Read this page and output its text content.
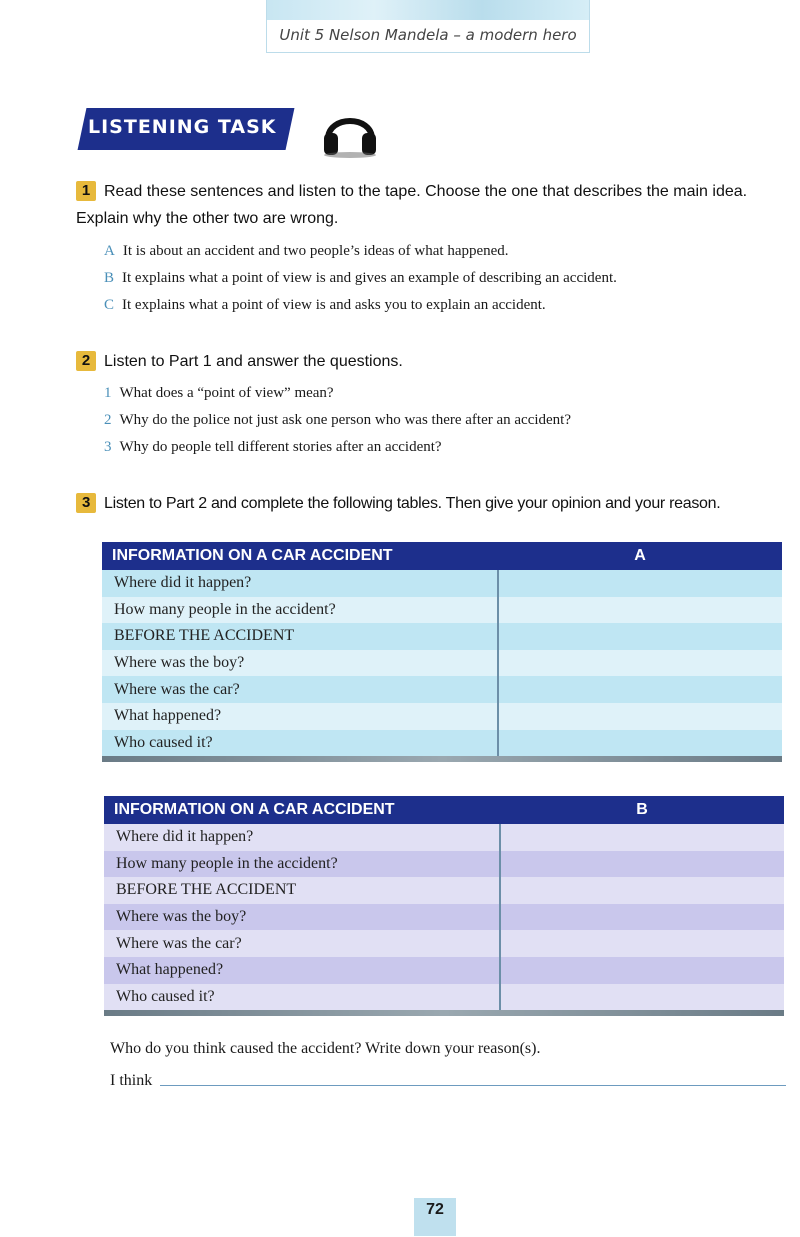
Unit 5 Nelson Mandela – a modern hero
LISTENING TASK
1 Read these sentences and listen to the tape. Choose the one that describes the main idea. Explain why the other two are wrong.
A It is about an accident and two people’s ideas of what happened.
B It explains what a point of view is and gives an example of describing an accident.
C It explains what a point of view is and asks you to explain an accident.
2 Listen to Part 1 and answer the questions.
1 What does a “point of view” mean?
2 Why do the police not just ask one person who was there after an accident?
3 Why do people tell different stories after an accident?
3 Listen to Part 2 and complete the following tables. Then give your opinion and your reason.
INFORMATION ON A CAR ACCIDENT	A
Where did it happen?	
How many people in the accident?	
BEFORE THE ACCIDENT	
Where was the boy?	
Where was the car?	
What happened?	
Who caused it?	
INFORMATION ON A CAR ACCIDENT	B
Where did it happen?	
How many people in the accident?	
BEFORE THE ACCIDENT	
Where was the boy?	
Where was the car?	
What happened?	
Who caused it?	
Who do you think caused the accident? Write down your reason(s).
I think
72
